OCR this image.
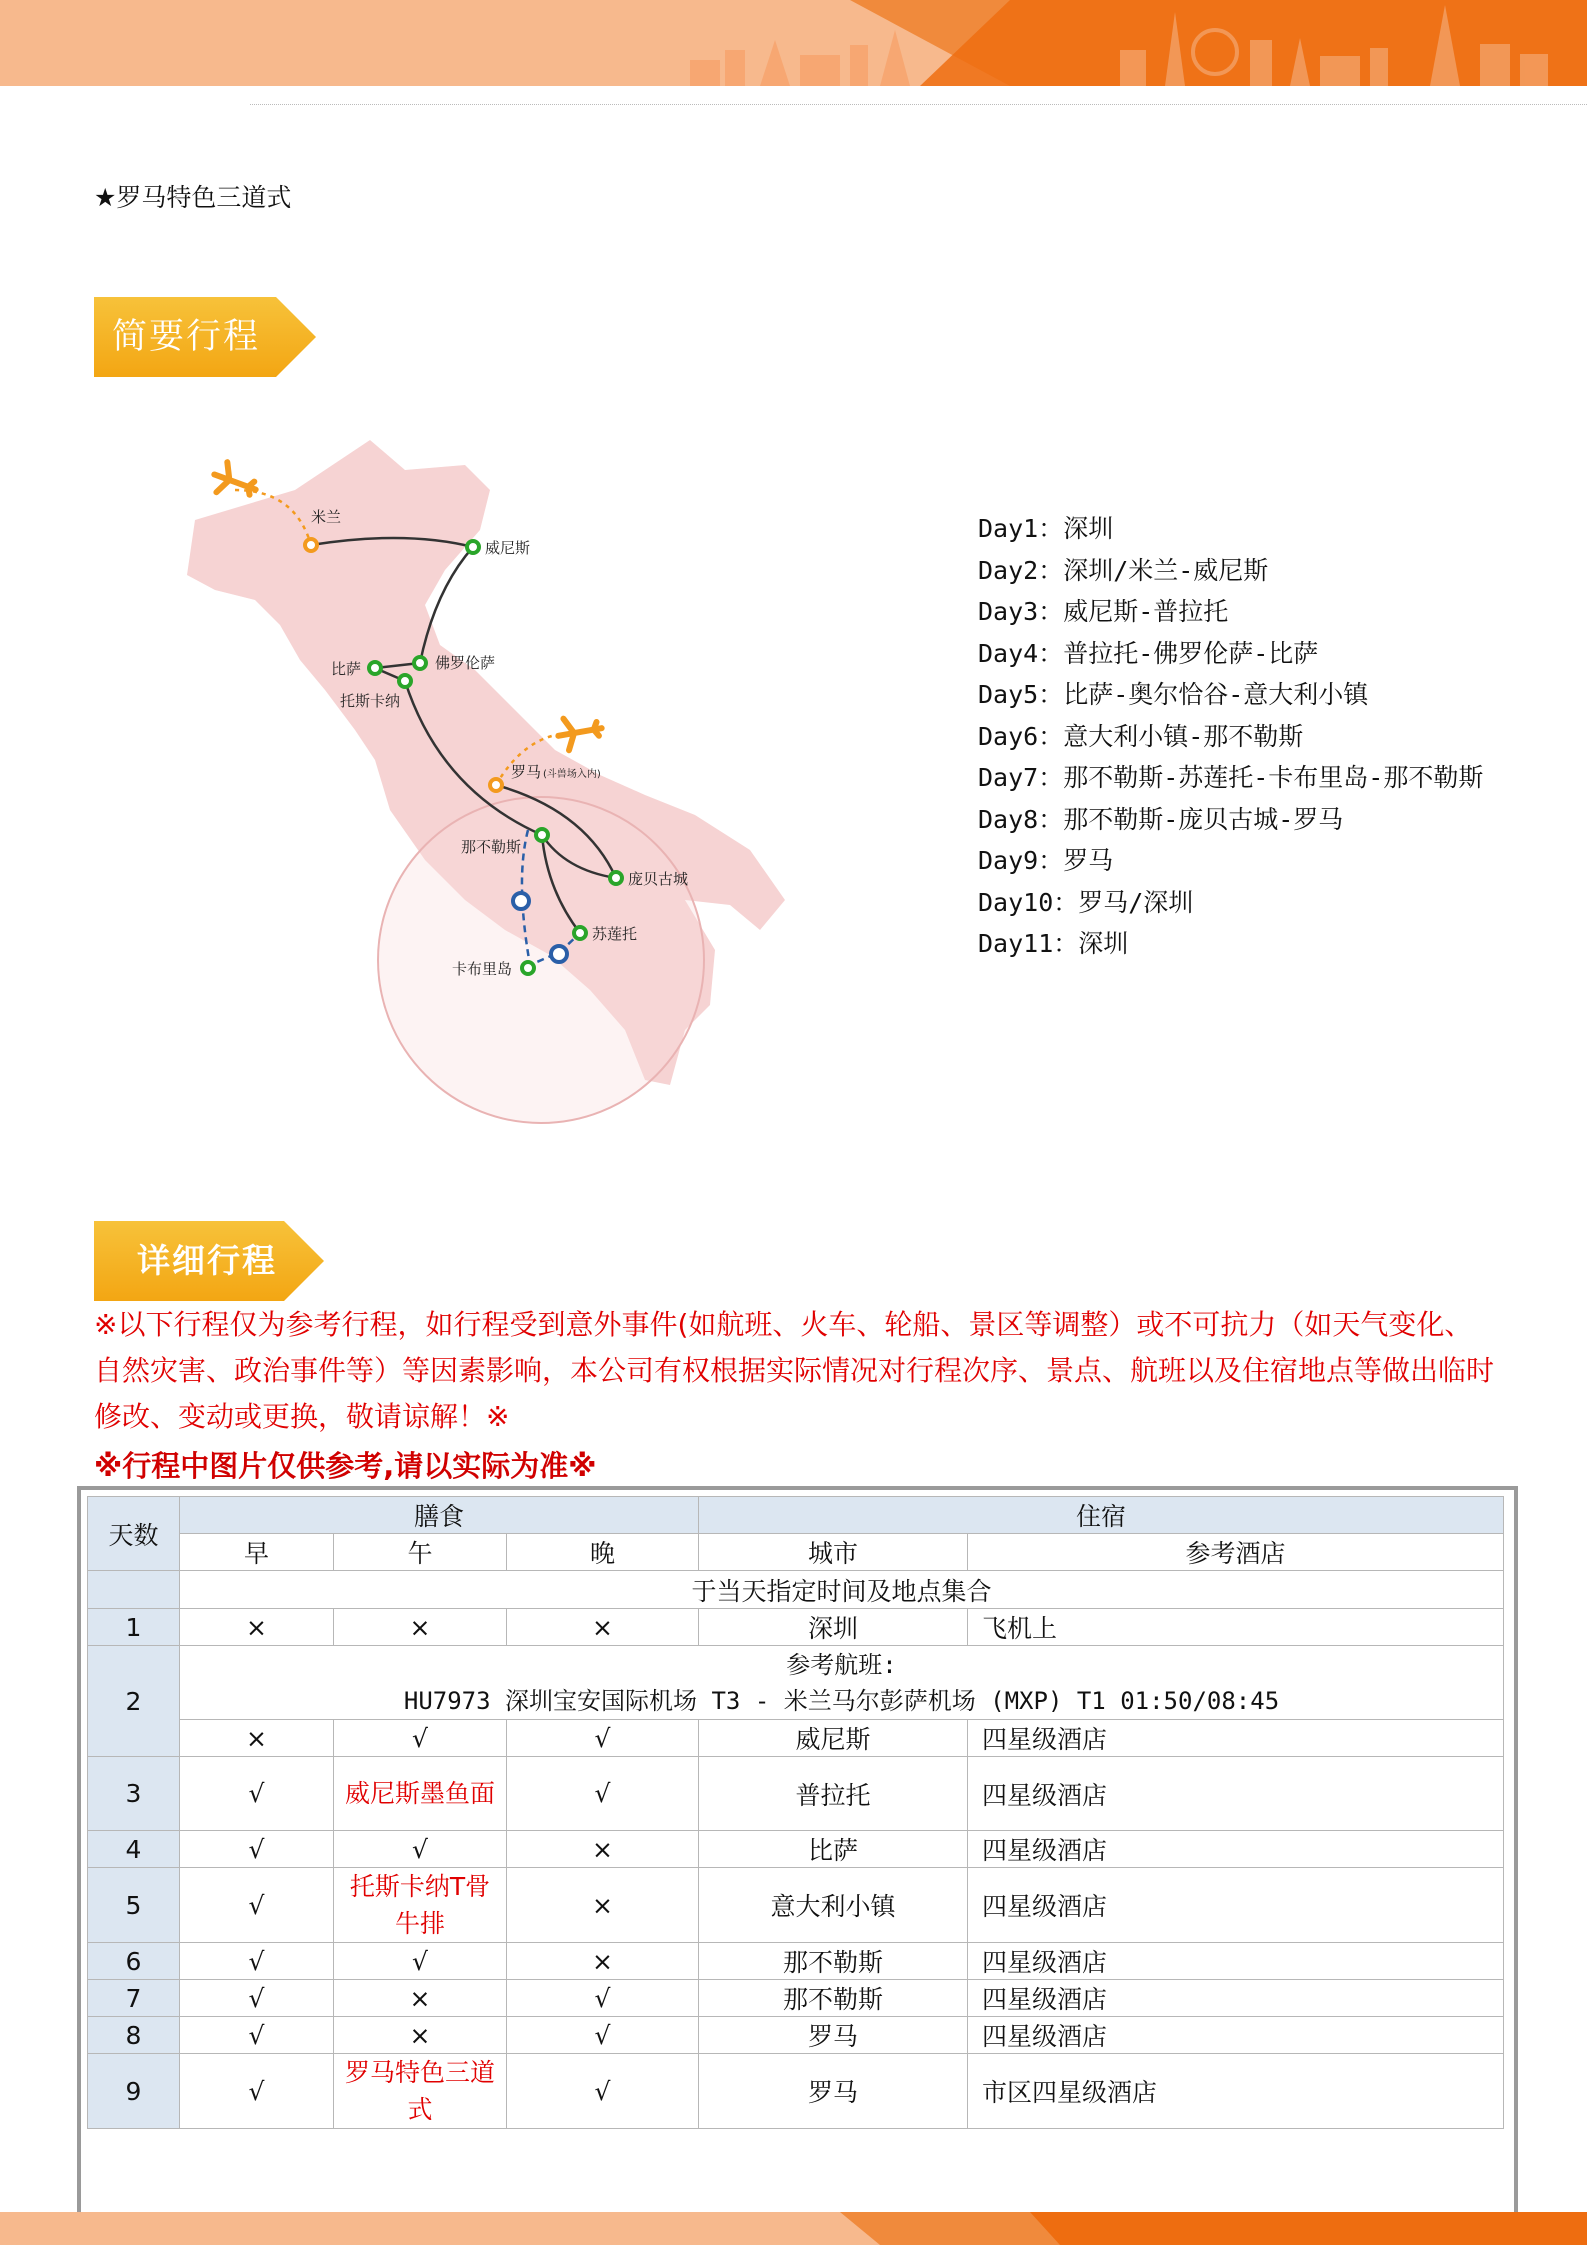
★罗马特色三道式
简要行程
米兰
威尼斯
比萨	佛罗伦萨
托斯卡纳
罗马 (斗兽场入内)
那不勒斯
庞贝古城
苏莲托
卡布里岛
Day1：深圳
Day2：深圳/米兰-威尼斯
Day3：威尼斯-普拉托
Day4：普拉托-佛罗伦萨-比萨
Day5：比萨-奥尔恰谷-意大利小镇
Day6：意大利小镇-那不勒斯
Day7：那不勒斯-苏莲托-卡布里岛-那不勒斯
Day8：那不勒斯-庞贝古城-罗马
Day9：罗马
Day10：罗马/深圳
Day11：深圳
详细行程
※以下行程仅为参考行程，如行程受到意外事件(如航班、火车、轮船、景区等调整）或不可抗力（如天气变化、自然灾害、政治事件等）等因素影响，本公司有权根据实际情况对行程次序、景点、航班以及住宿地点等做出临时修改、变动或更换，敬请谅解！※
※行程中图片仅供参考,请以实际为准※
天数	膳食			住宿	
	早	午	晚	城市	参考酒店
	于当天指定时间及地点集合				
1	×	×	×	深圳	飞机上
2	参考航班:
HU7973 深圳宝安国际机场 T3 - 米兰马尔彭萨机场 (MXP) T1 01:50/08:45				

	×	√	√	威尼斯	四星级酒店
3	√	威尼斯墨鱼面	√	普拉托	四星级酒店
4	√	√	×	比萨	四星级酒店
5	√	托斯卡纳T骨牛排	×	意大利小镇	四星级酒店
6	√	√	×	那不勒斯	四星级酒店
7	√	×	√	那不勒斯	四星级酒店
8	√	×	√	罗马	四星级酒店
9	√	罗马特色三道式	√	罗马	市区四星级酒店
